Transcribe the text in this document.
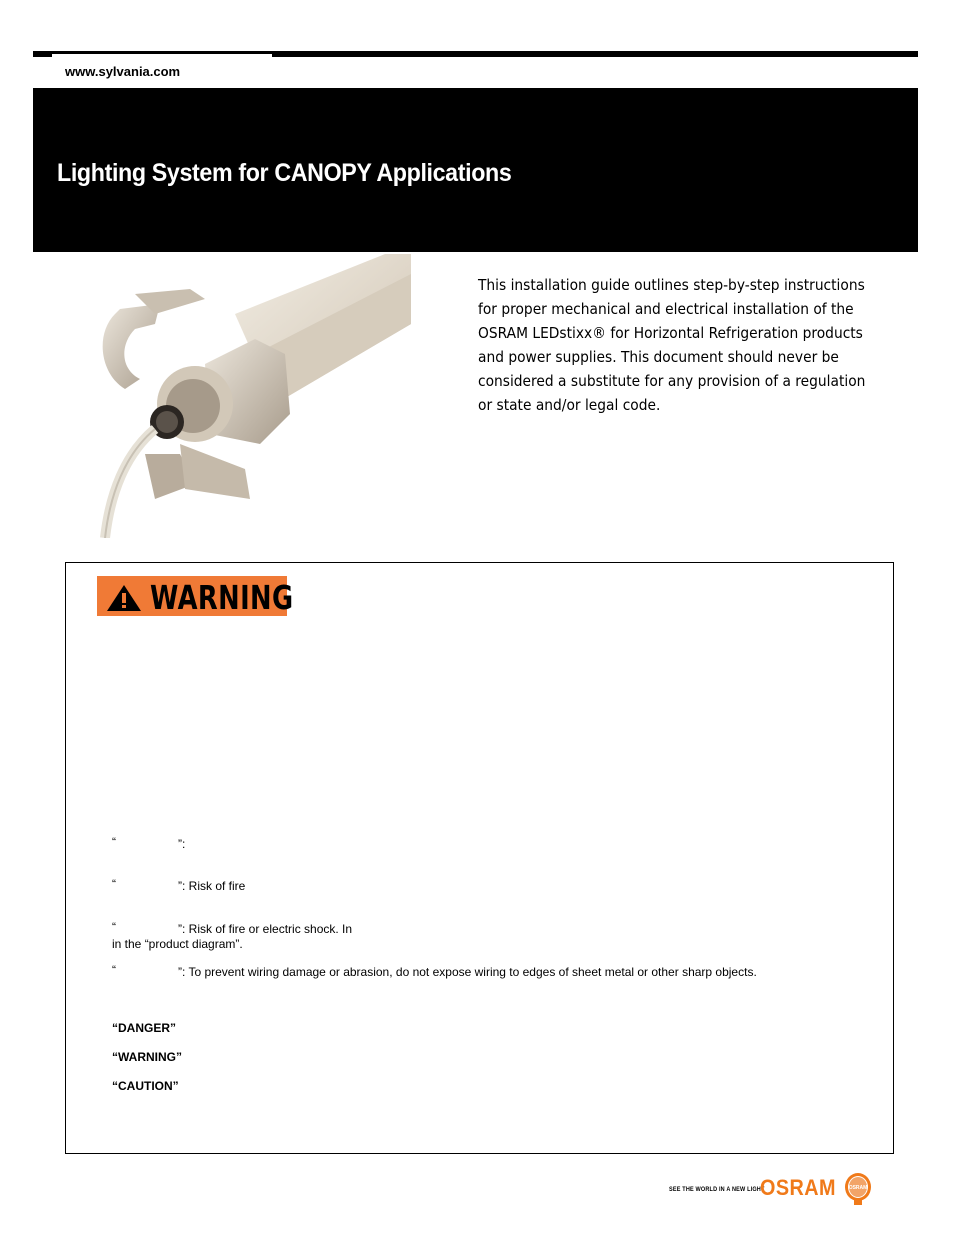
www.sylvania.com
Lighting System for CANOPY Applications

This installation guide outlines step-by-step instructions

for proper mechanical and electrical installation of the

OSRAM LEDstixx® for Horizontal Refrigeration products

and power supplies. This document should never be

considered a substitute for any provision of a regulation

or state and/or legal code.

WARNING
“	”:
“	”: Risk of fire
“	”: Risk of fire or electric shock. In
in the “product diagram”.
“	”: To prevent wiring damage or abrasion, do not expose wiring to edges of sheet metal or other sharp objects.
“DANGER”
“WARNING”
“CAUTION”
SEE THE WORLD IN A NEW LIGHT
OSRAM	OSRAM
